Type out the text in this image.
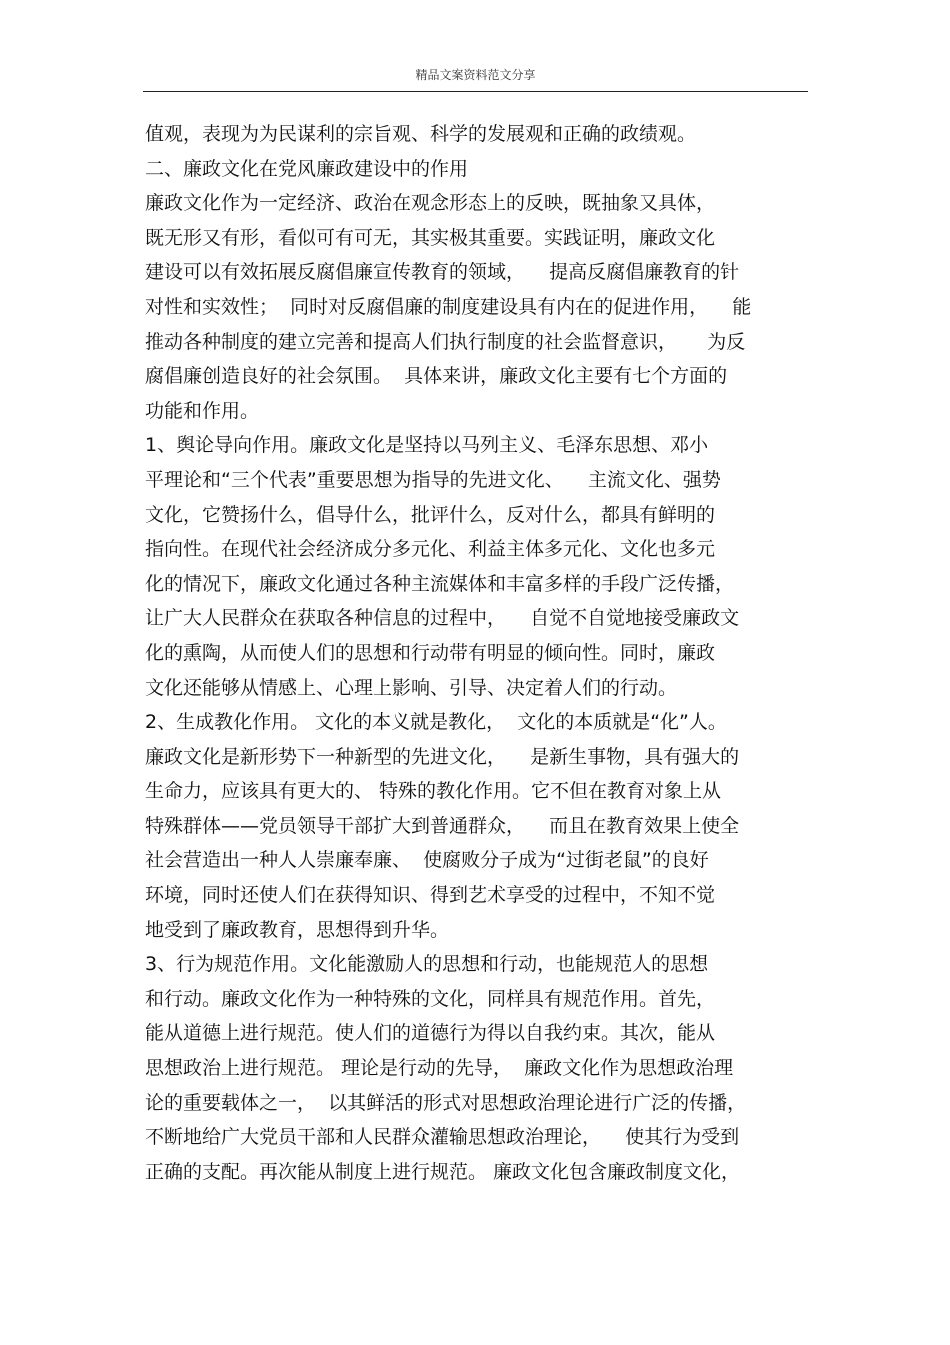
精品文案资料范文分享
值观，表现为为民谋利的宗旨观、科学的发展观和正确的政绩观。
二、廉政文化在党风廉政建设中的作用
廉政文化作为一定经济、政治在观念形态上的反映，既抽象又具体，
既无形又有形，看似可有可无，其实极其重要。实践证明，廉政文化
建设可以有效拓展反腐倡廉宣传教育的领域，    提高反腐倡廉教育的针
对性和实效性；  同时对反腐倡廉的制度建设具有内在的促进作用，    能
推动各种制度的建立完善和提高人们执行制度的社会监督意识，     为反
腐倡廉创造良好的社会氛围。  具体来讲，廉政文化主要有七个方面的
功能和作用。
1、舆论导向作用。廉政文化是坚持以马列主义、毛泽东思想、邓小
平理论和“三个代表”重要思想为指导的先进文化、    主流文化、强势
文化，它赞扬什么，倡导什么，批评什么，反对什么，都具有鲜明的
指向性。在现代社会经济成分多元化、利益主体多元化、文化也多元
化的情况下，廉政文化通过各种主流媒体和丰富多样的手段广泛传播，
让广大人民群众在获取各种信息的过程中，    自觉不自觉地接受廉政文
化的熏陶，从而使人们的思想和行动带有明显的倾向性。同时，廉政
文化还能够从情感上、心理上影响、引导、决定着人们的行动。
2、生成教化作用。 文化的本义就是教化，  文化的本质就是“化”人。
廉政文化是新形势下一种新型的先进文化，    是新生事物，具有强大的
生命力，应该具有更大的、 特殊的教化作用。它不但在教育对象上从
特殊群体——党员领导干部扩大到普通群众，    而且在教育效果上使全
社会营造出一种人人崇廉奉廉、  使腐败分子成为“过街老鼠”的良好
环境，同时还使人们在获得知识、得到艺术享受的过程中，不知不觉
地受到了廉政教育，思想得到升华。
3、行为规范作用。文化能激励人的思想和行动，也能规范人的思想
和行动。廉政文化作为一种特殊的文化，同样具有规范作用。首先，
能从道德上进行规范。使人们的道德行为得以自我约束。其次，能从
思想政治上进行规范。 理论是行动的先导，  廉政文化作为思想政治理
论的重要载体之一，  以其鲜活的形式对思想政治理论进行广泛的传播，
不断地给广大党员干部和人民群众灌输思想政治理论，    使其行为受到
正确的支配。再次能从制度上进行规范。 廉政文化包含廉政制度文化，
